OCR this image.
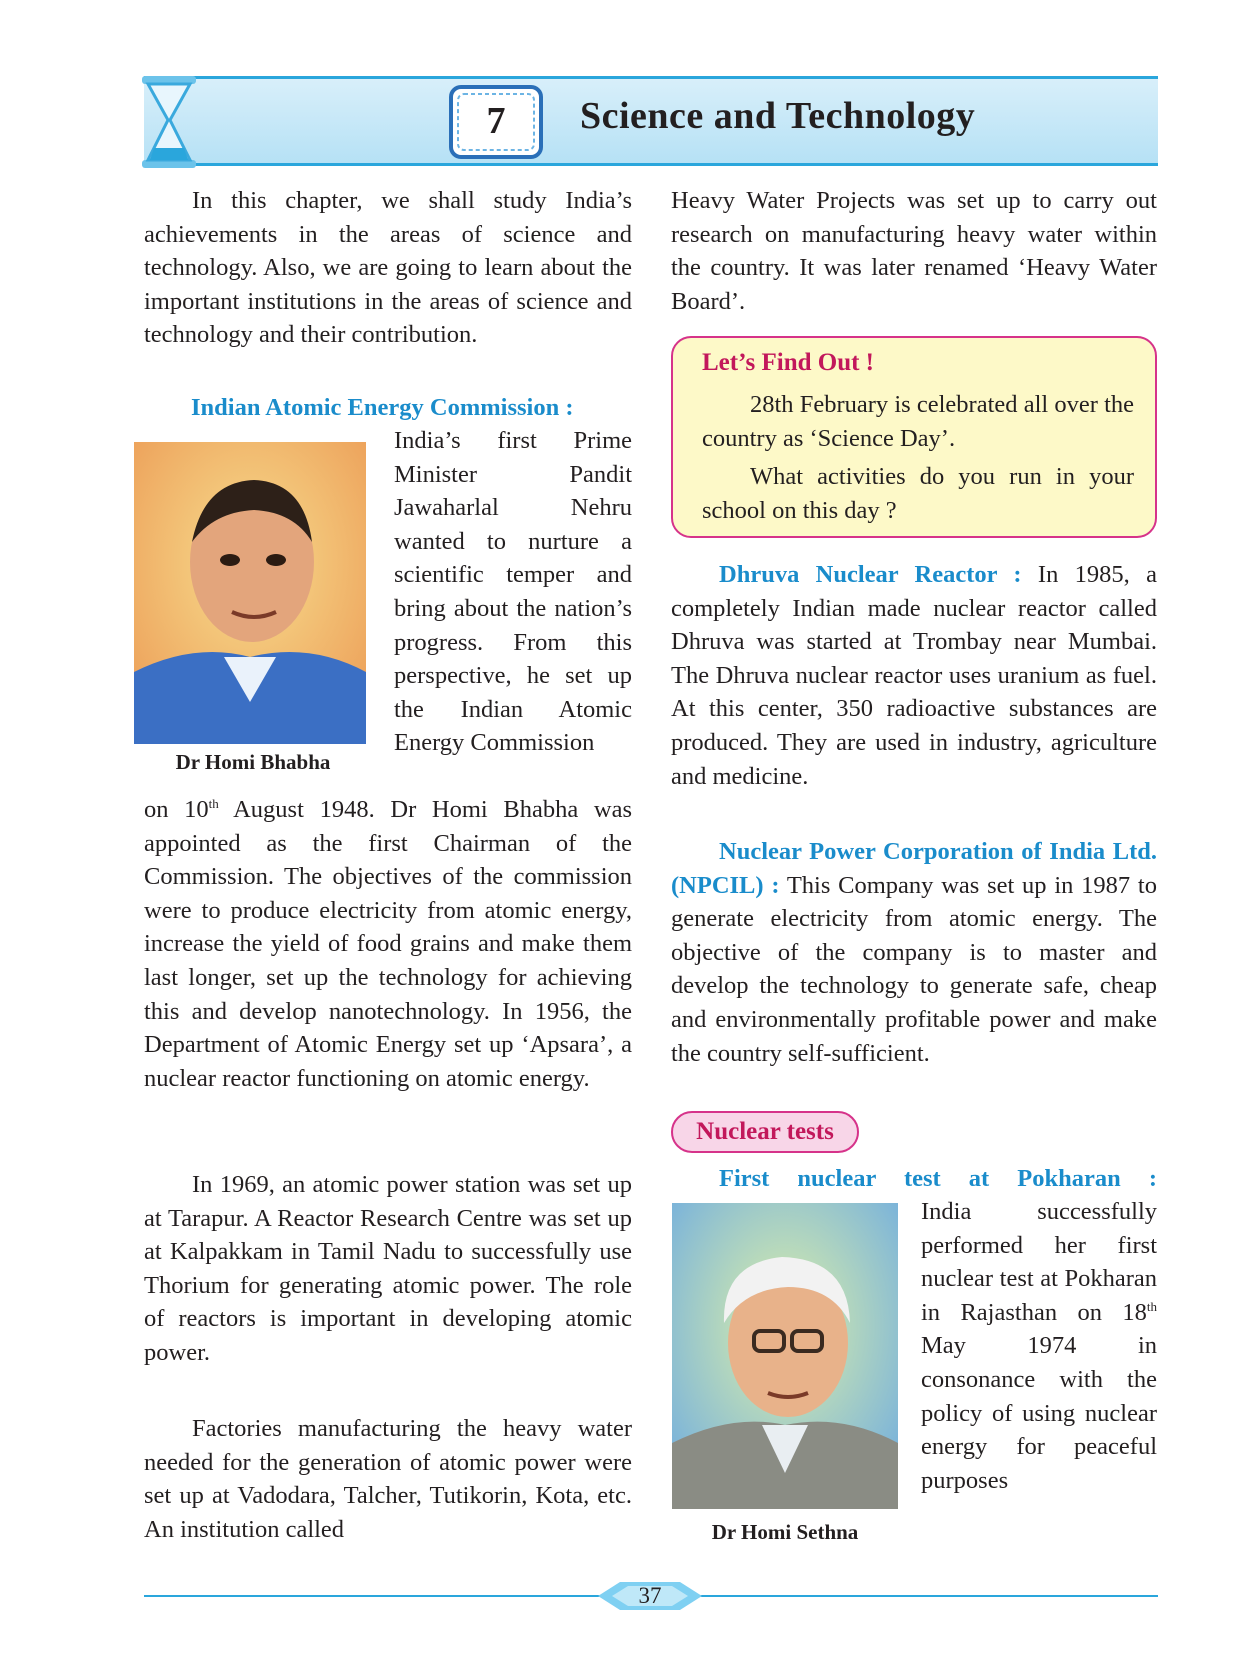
7	Science and Technology

In this chapter, we shall study India’s achievements in the areas of science and technology. Also, we are going to learn about the important institutions in the areas of science and technology and their contribution.

Indian Atomic Energy Commission :
Dr Homi Bhabha

India’s first Prime Minister Pandit Jawaharlal Nehru wanted to nurture a scientific temper and bring about the nation’s progress. From this perspective, he set up the Indian Atomic Energy Commission

on 10th August 1948. Dr Homi Bhabha was appointed as the first Chairman of the Commission. The objectives of the commission were to produce electricity from atomic energy, increase the yield of food grains and make them last longer, set up the technology for achieving this and develop nanotechnology. In 1956, the Department of Atomic Energy set up ‘Apsara’, a nuclear reactor functioning on atomic energy.

In 1969, an atomic power station was set up at Tarapur. A Reactor Research Centre was set up at Kalpakkam in Tamil Nadu to successfully use Thorium for generating atomic power. The role of reactors is important in developing atomic power.

Factories manufacturing the heavy water needed for the generation of atomic power were set up at Vadodara, Talcher, Tutikorin, Kota, etc. An institution called

Heavy Water Projects was set up to carry out research on manufacturing heavy water within the country. It was later renamed ‘Heavy Water Board’.

Let’s Find Out !

28th February is celebrated all over the country as ‘Science Day’.

What activities do you run in your school on this day ?

Dhruva Nuclear Reactor : In 1985, a completely Indian made nuclear reactor called Dhruva was started at Trombay near Mumbai. The Dhruva nuclear reactor uses uranium as fuel. At this center, 350 radioactive substances are produced. They are used in industry, agriculture and medicine.

Nuclear Power Corporation of India Ltd.(NPCIL) : This Company was set up in 1987 to generate electricity from atomic energy. The objective of the company is to master and develop the technology to generate safe, cheap and environmentally profitable power and make the country self-sufficient.

Nuclear tests
First nuclear test at Pokharan :
Dr Homi Sethna

India successfully performed her first nuclear test at Pokharan in Rajasthan on 18th May 1974 in consonance with the policy of using nuclear energy for peaceful purposes

37
